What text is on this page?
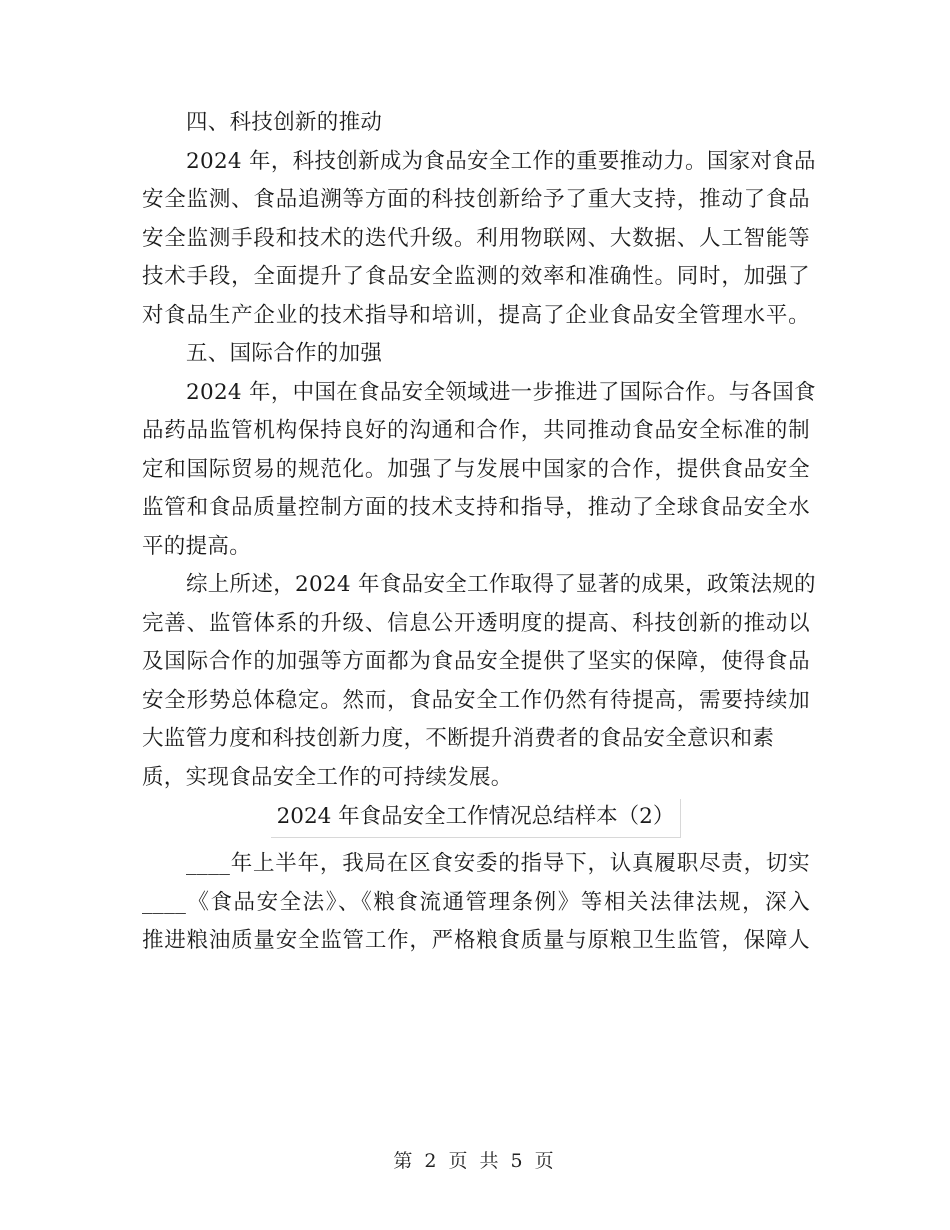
四、科技创新的推动
2024 年，科技创新成为食品安全工作的重要推动力。国家对食品
安全监测、食品追溯等方面的科技创新给予了重大支持，推动了食品
安全监测手段和技术的迭代升级。利用物联网、大数据、人工智能等
技术手段，全面提升了食品安全监测的效率和准确性。同时，加强了
对食品生产企业的技术指导和培训，提高了企业食品安全管理水平。
五、国际合作的加强
2024 年，中国在食品安全领域进一步推进了国际合作。与各国食
品药品监管机构保持良好的沟通和合作，共同推动食品安全标准的制
定和国际贸易的规范化。加强了与发展中国家的合作，提供食品安全
监管和食品质量控制方面的技术支持和指导，推动了全球食品安全水
平的提高。
综上所述，2024 年食品安全工作取得了显著的成果，政策法规的
完善、监管体系的升级、信息公开透明度的提高、科技创新的推动以
及国际合作的加强等方面都为食品安全提供了坚实的保障，使得食品
安全形势总体稳定。然而，食品安全工作仍然有待提高，需要持续加
大监管力度和科技创新力度，不断提升消费者的食品安全意识和素
质，实现食品安全工作的可持续发展。
2024 年食品安全工作情况总结样本（2）
____年上半年，我局在区食安委的指导下，认真履职尽责，切实
____《食品安全法》、《粮食流通管理条例》等相关法律法规，深入
推进粮油质量安全监管工作，严格粮食质量与原粮卫生监管，保障人
第 2 页 共 5 页
